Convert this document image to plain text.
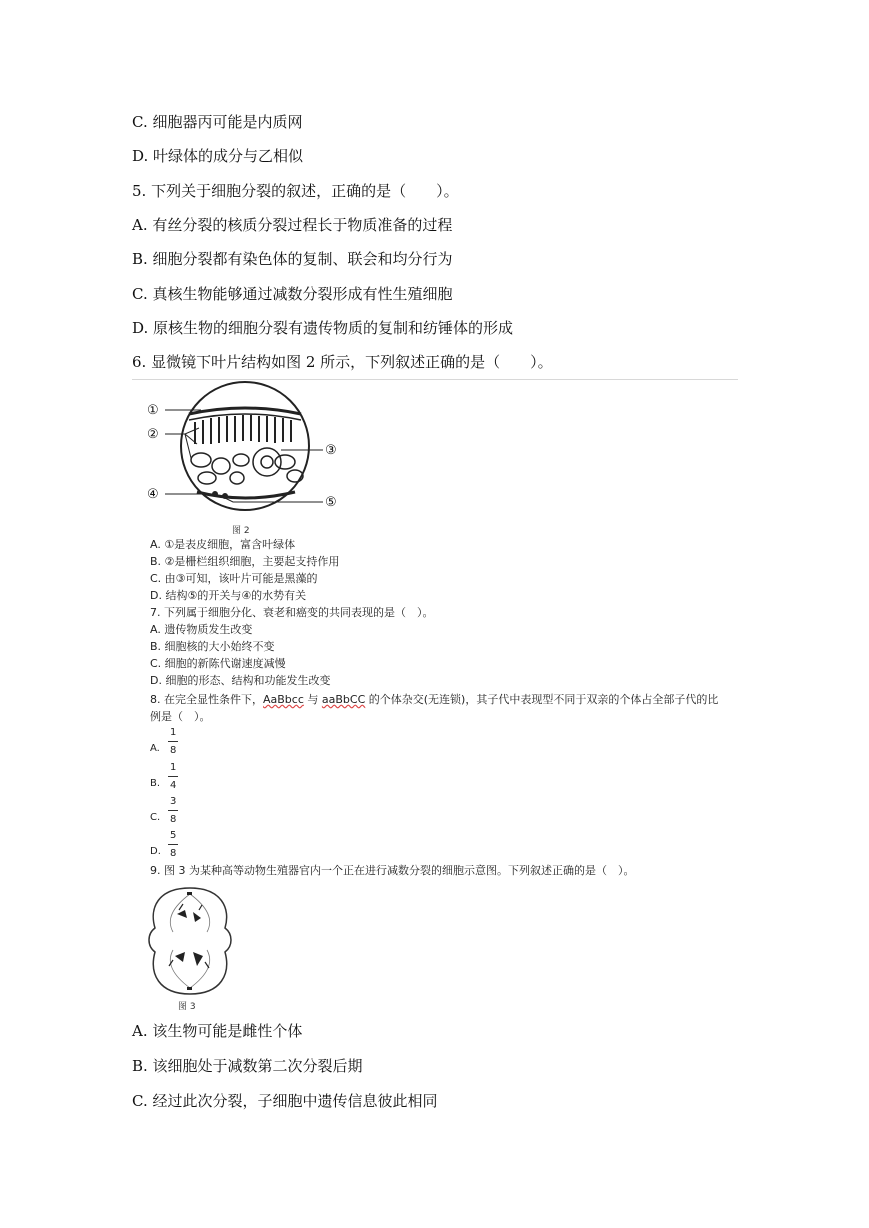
C. 细胞器丙可能是内质网
D. 叶绿体的成分与乙相似
5. 下列关于细胞分裂的叙述，正确的是（　　）。
A. 有丝分裂的核质分裂过程长于物质准备的过程
B. 细胞分裂都有染色体的复制、联会和均分行为
C. 真核生物能够通过减数分裂形成有性生殖细胞
D. 原核生物的细胞分裂有遗传物质的复制和纺锤体的形成
6. 显微镜下叶片结构如图 2 所示，下列叙述正确的是（　　）。
①
②
③
④
⑤
图 2
A. ①是表皮细胞，富含叶绿体
B. ②是栅栏组织细胞，主要起支持作用
C. 由③可知，该叶片可能是黑藻的
D. 结构⑤的开关与④的水势有关
7. 下列属于细胞分化、衰老和癌变的共同表现的是（　）。
A. 遗传物质发生改变
B. 细胞核的大小始终不变
C. 细胞的新陈代谢速度减慢
D. 细胞的形态、结构和功能发生改变
8. 在完全显性条件下，AaBbcc 与 aaBbCC 的个体杂交(无连锁)，其子代中表现型不同于双亲的个体占全部子代的比
例是（　）。
1
A. 8
1
B. 4
3
C. 8
5
D. 8
9. 图 3 为某种高等动物生殖器官内一个正在进行减数分裂的细胞示意图。下列叙述正确的是（　）。
图 3
A. 该生物可能是雌性个体
B. 该细胞处于减数第二次分裂后期
C. 经过此次分裂，子细胞中遗传信息彼此相同
